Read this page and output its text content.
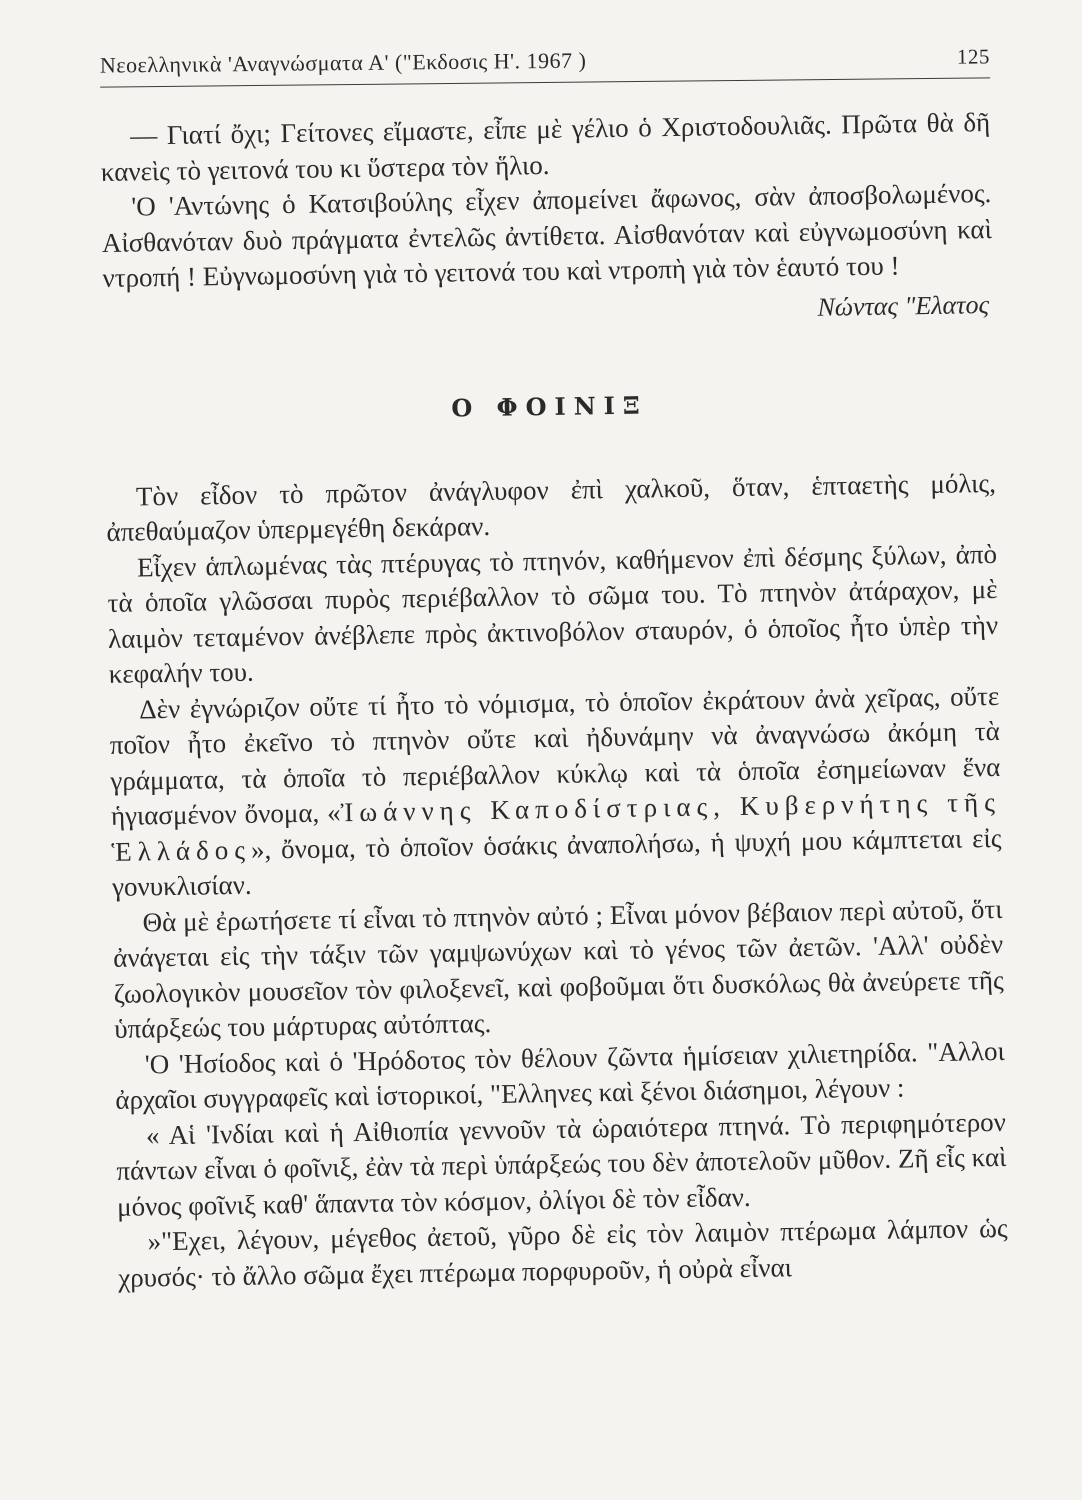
Νεοελληνικὰ 'Αναγνώσματα Α' ("Εκδοσις Η'. 1967 )	125

— Γιατί ὄχι; Γείτονες εἴμαστε, εἶπε μὲ γέλιο ὁ Χριστοδουλιᾶς. Πρῶτα θὰ δῆ κανεὶς τὸ γειτονά του κι ὕστερα τὸν ἥλιο.

'Ο 'Αντώνης ὁ Κατσιβούλης εἶχεν ἀπομείνει ἄφωνος, σὰν ἀποσβολωμένος. Αἰσθανόταν δυὸ πράγματα ἐντελῶς ἀντίθετα. Αἰσθανόταν καὶ εὐγνωμοσύνη καὶ ντροπή ! Εὐγνωμοσύνη γιὰ τὸ γειτονά του καὶ ντροπὴ γιὰ τὸν ἑαυτό του !

Νώντας "Ελατος
Ο ΦΟΙΝΙΞ

Τὸν εἶδον τὸ πρῶτον ἀνάγλυφον ἐπὶ χαλκοῦ, ὅταν, ἑπταετὴς μόλις, ἀπεθαύμαζον ὑπερμεγέθη δεκάραν.

Εἶχεν ἁπλωμένας τὰς πτέρυγας τὸ πτηνόν, καθήμενον ἐπὶ δέσμης ξύλων, ἀπὸ τὰ ὁποῖα γλῶσσαι πυρὸς περιέβαλλον τὸ σῶμα του. Τὸ πτηνὸν ἀτάραχον, μὲ λαιμὸν τεταμένον ἀνέβλεπε πρὸς ἀκτινοβόλον σταυρόν, ὁ ὁποῖος ἦτο ὑπὲρ τὴν κεφαλήν του.

Δὲν ἐγνώριζον οὔτε τί ἦτο τὸ νόμισμα, τὸ ὁποῖον ἐκράτουν ἀνὰ χεῖρας, οὔτε ποῖον ἦτο ἐκεῖνο τὸ πτηνὸν οὔτε καὶ ἠδυνάμην νὰ ἀναγνώσω ἀκόμη τὰ γράμματα, τὰ ὁποῖα τὸ περιέβαλλον κύκλῳ καὶ τὰ ὁποῖα ἐσημείωναν ἕνα ἡγιασμένον ὄνομα, «Ἰωάννης Καποδίστριας, Κυβερνήτης τῆς Ἑλλάδος», ὄνομα, τὸ ὁποῖον ὁσάκις ἀναπολήσω, ἡ ψυχή μου κάμπτεται εἰς γονυκλισίαν.

Θὰ μὲ ἐρωτήσετε τί εἶναι τὸ πτηνὸν αὐτό ; Εἶναι μόνον βέβαιον περὶ αὐτοῦ, ὅτι ἀνάγεται εἰς τὴν τάξιν τῶν γαμψωνύχων καὶ τὸ γένος τῶν ἀετῶν. 'Αλλ' οὐδὲν ζωολογικὸν μουσεῖον τὸν φιλοξενεῖ, καὶ φοβοῦμαι ὅτι δυσκόλως θὰ ἀνεύρετε τῆς ὑπάρξεώς του μάρτυρας αὐτόπτας.

'Ο 'Ησίοδος καὶ ὁ 'Ηρόδοτος τὸν θέλουν ζῶντα ἡμίσειαν χιλιετηρίδα. "Αλλοι ἀρχαῖοι συγγραφεῖς καὶ ἱστορικοί, "Ελληνες καὶ ξένοι διάσημοι, λέγουν :

« Αἱ 'Ινδίαι καὶ ἡ Αἰθιοπία γεννοῦν τὰ ὡραιότερα πτηνά. Τὸ περιφημότερον πάντων εἶναι ὁ φοῖνιξ, ἐὰν τὰ περὶ ὑπάρξεώς του δὲν ἀποτελοῦν μῦθον. Ζῆ εἷς καὶ μόνος φοῖνιξ καθ' ἅπαντα τὸν κόσμον, ὀλίγοι δὲ τὸν εἶδαν.

»"Εχει, λέγουν, μέγεθος ἀετοῦ, γῦρο δὲ εἰς τὸν λαιμὸν πτέρωμα λάμπον ὡς χρυσός· τὸ ἄλλο σῶμα ἔχει πτέρωμα πορφυροῦν, ἡ οὐρὰ εἶναι
